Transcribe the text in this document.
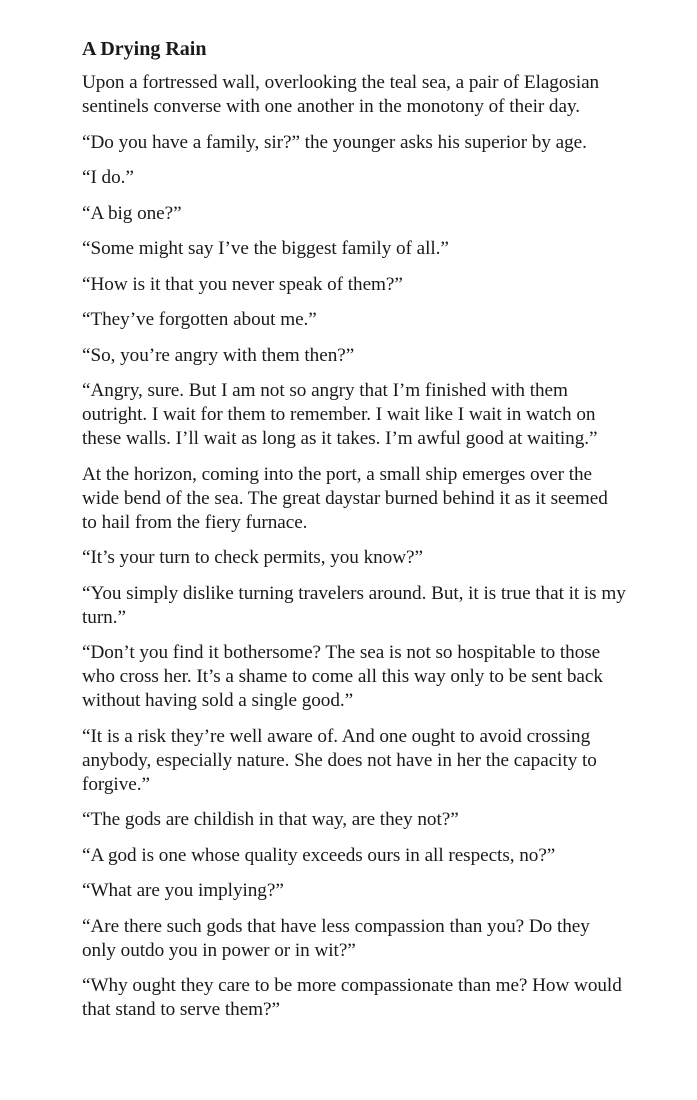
A Drying Rain
Upon a fortressed wall, overlooking the teal sea, a pair of Elagosian sentinels converse with one another in the monotony of their day.
“Do you have a family, sir?” the younger asks his superior by age.
“I do.”
“A big one?”
“Some might say I’ve the biggest family of all.”
“How is it that you never speak of them?”
“They’ve forgotten about me.”
“So, you’re angry with them then?”
“Angry, sure. But I am not so angry that I’m finished with them outright. I wait for them to remember. I wait like I wait in watch on these walls. I’ll wait as long as it takes. I’m awful good at waiting.”
At the horizon, coming into the port, a small ship emerges over the wide bend of the sea. The great daystar burned behind it as it seemed to hail from the fiery furnace.
“It’s your turn to check permits, you know?”
“You simply dislike turning travelers around. But, it is true that it is my turn.”
“Don’t you find it bothersome? The sea is not so hospitable to those who cross her. It’s a shame to come all this way only to be sent back without having sold a single good.”
“It is a risk they’re well aware of. And one ought to avoid crossing anybody, especially nature. She does not have in her the capacity to forgive.”
“The gods are childish in that way, are they not?”
“A god is one whose quality exceeds ours in all respects, no?”
“What are you implying?”
“Are there such gods that have less compassion than you? Do they only outdo you in power or in wit?”
“Why ought they care to be more compassionate than me? How would that stand to serve them?”
